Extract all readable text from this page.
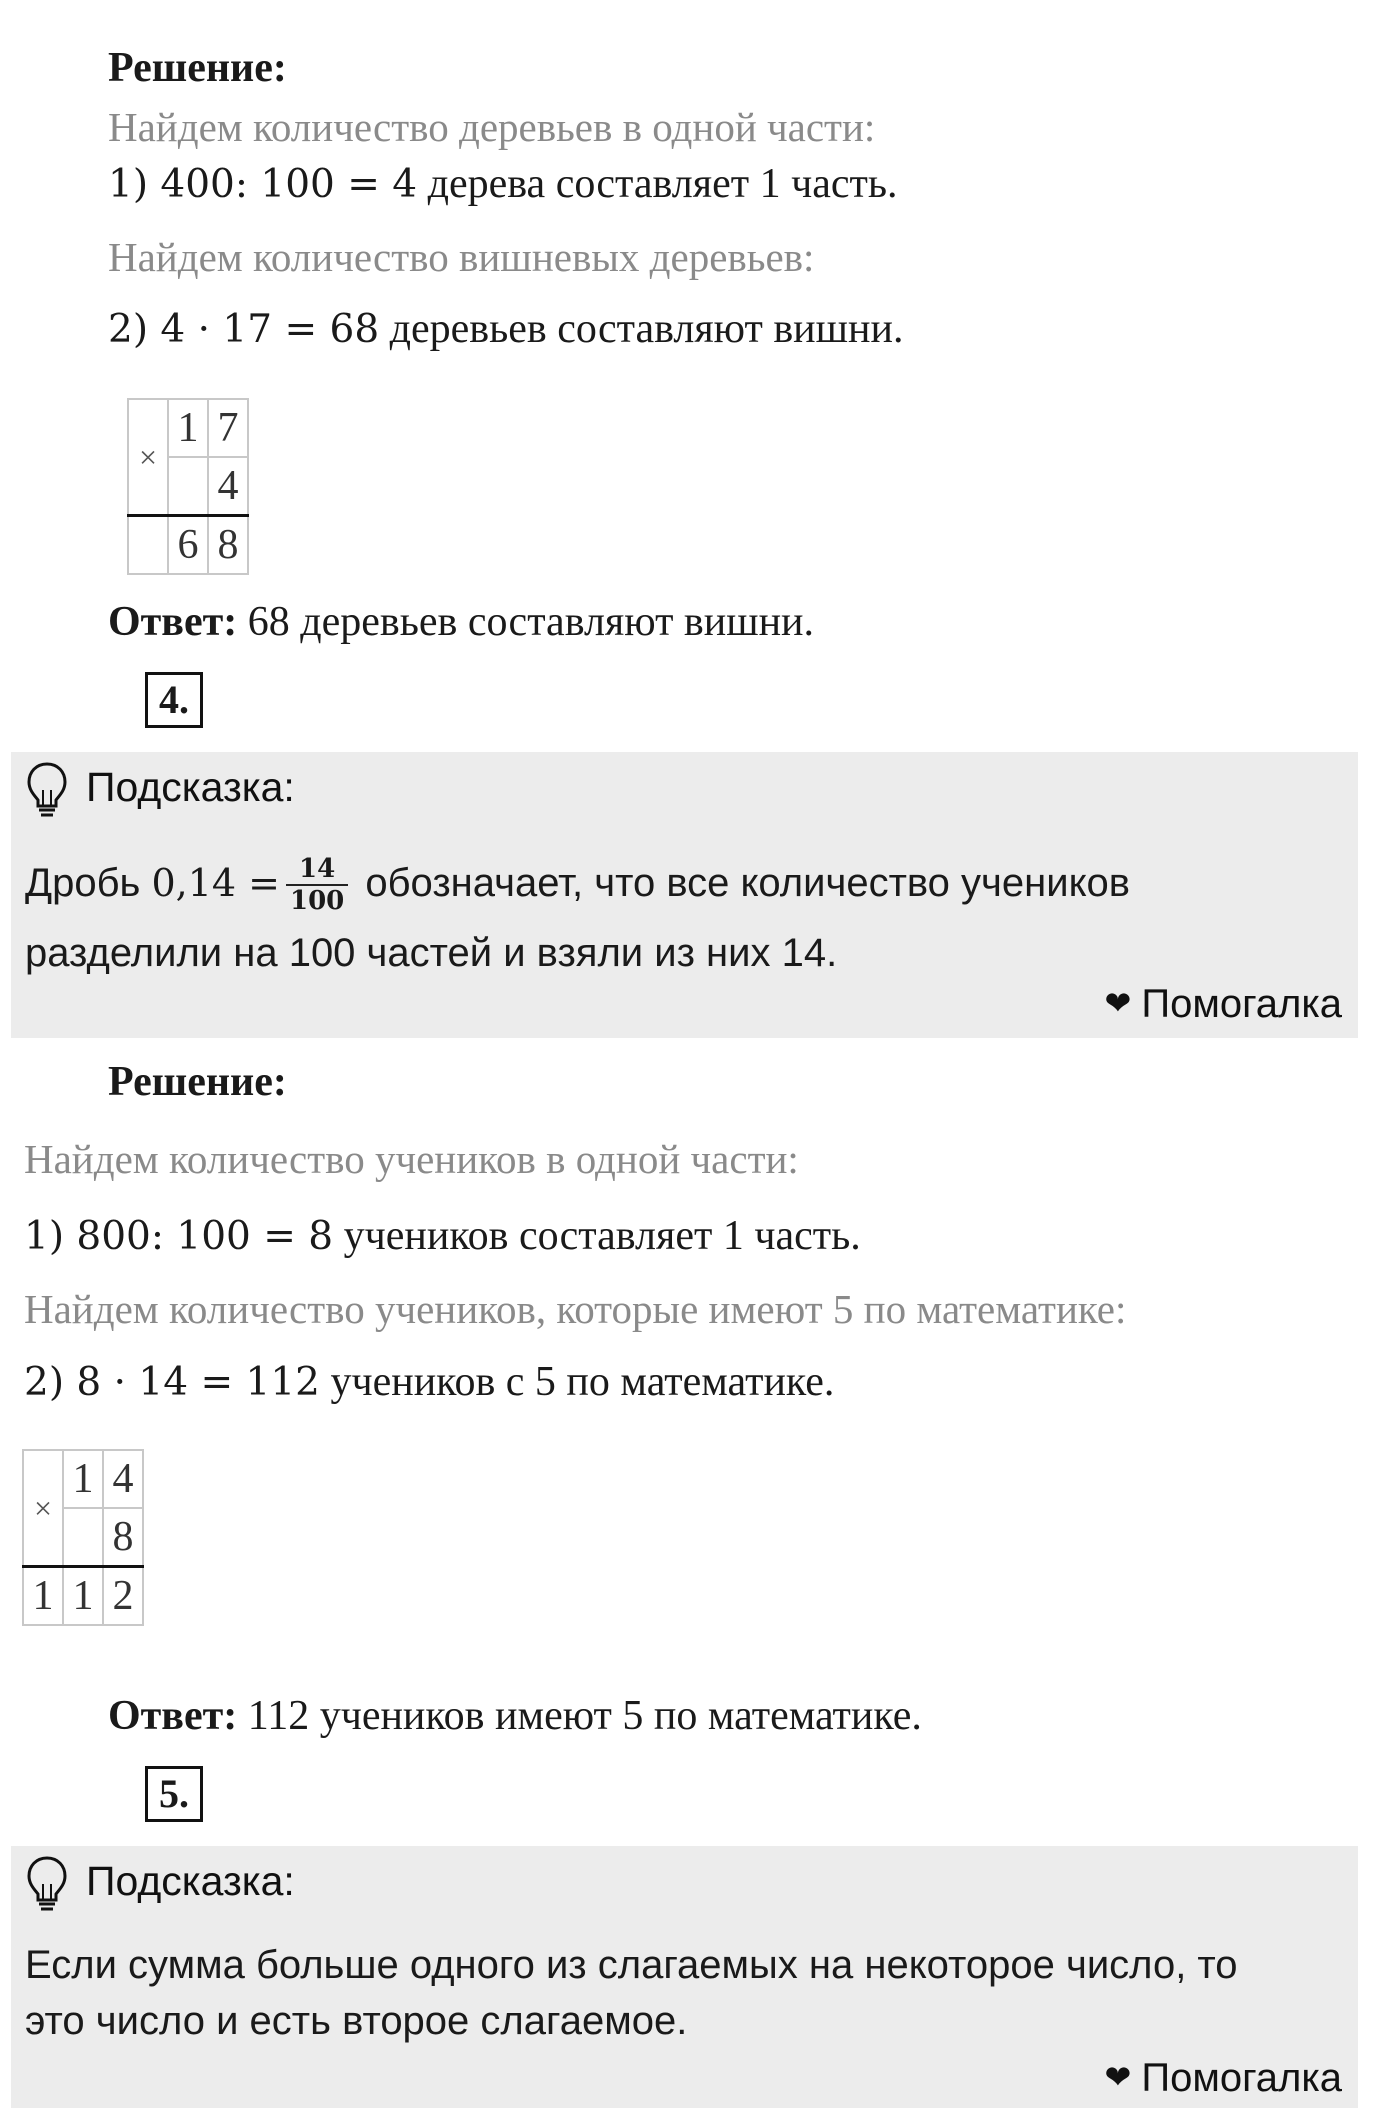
Решение:
Найдем количество деревьев в одной части:
1) 400: 100 = 4 дерева составляет 1 часть.
Найдем количество вишневых деревьев:
2) 4 · 17 = 68 деревьев составляют вишни.
×	1	7
		4
	6	8
Ответ: 68 деревьев составляют вишни.
4.
Подсказка:
Дробь $0,14 = \frac{14}{100}$ обозначает, что все количество учеников
разделили на 100 частей и взяли из них 14.
❤ Помогалка
Решение:
Найдем количество учеников в одной части:
1) 800: 100 = 8 учеников составляет 1 часть.
Найдем количество учеников, которые имеют 5 по математике:
2) 8 · 14 = 112 учеников с 5 по математике.
×	1	4
		8
1	1	2
Ответ: 112 учеников имеют 5 по математике.
5.
Подсказка:
Если сумма больше одного из слагаемых на некоторое число, то
это число и есть второе слагаемое.
❤ Помогалка
